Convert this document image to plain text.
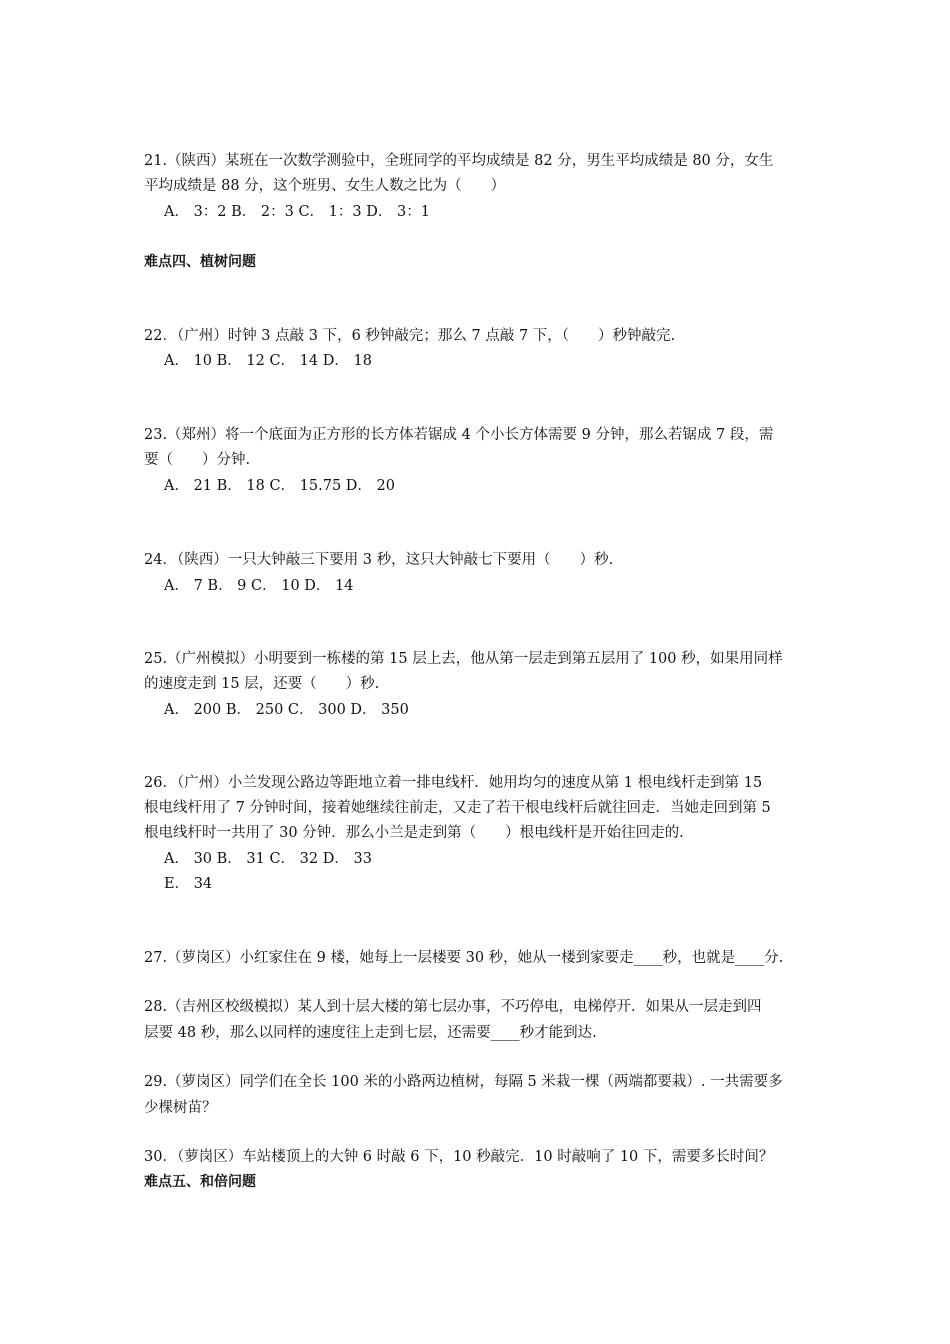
21.（陕西）某班在一次数学测验中，全班同学的平均成绩是 82 分，男生平均成绩是 80 分，女生
平均成绩是 88 分，这个班男、女生人数之比为（　　）
A． 3：2 B． 2：3 C． 1：3 D． 3：1
难点四、植树问题
22．（广州）时钟 3 点敲 3 下，6 秒钟敲完；那么 7 点敲 7 下，（　　）秒钟敲完.
A． 10 B． 12 C． 14 D． 18
23.（郑州）将一个底面为正方形的长方体若锯成 4 个小长方体需要 9 分钟，那么若锯成 7 段，需
要（　　）分钟.
A． 21 B． 18 C． 15.75 D． 20
24．（陕西）一只大钟敲三下要用 3 秒，这只大钟敲七下要用（　　）秒.
A． 7 B． 9 C． 10 D． 14
25.（广州模拟）小明要到一栋楼的第 15 层上去，他从第一层走到第五层用了 100 秒，如果用同样
的速度走到 15 层，还要（　　）秒.
A． 200 B． 250 C． 300 D． 350
26．（广州）小兰发现公路边等距地立着一排电线杆．她用均匀的速度从第 1 根电线杆走到第 15
根电线杆用了 7 分钟时间，接着她继续往前走，又走了若干根电线杆后就往回走．当她走回到第 5
根电线杆时一共用了 30 分钟．那么小兰是走到第（　　）根电线杆是开始往回走的.
A． 30 B． 31 C． 32 D． 33
E． 34
27.（萝岗区）小红家住在 9 楼，她每上一层楼要 30 秒，她从一楼到家要走____秒，也就是____分.
28.（吉州区校级模拟）某人到十层大楼的第七层办事，不巧停电，电梯停开．如果从一层走到四
层要 48 秒，那么以同样的速度往上走到七层，还需要____秒才能到达.
29.（萝岗区）同学们在全长 100 米的小路两边植树，每隔 5 米栽一棵（两端都要栽）. 一共需要多
少棵树苗？
30．（萝岗区）车站楼顶上的大钟 6 时敲 6 下，10 秒敲完．10 时敲响了 10 下，需要多长时间？
难点五、和倍问题
